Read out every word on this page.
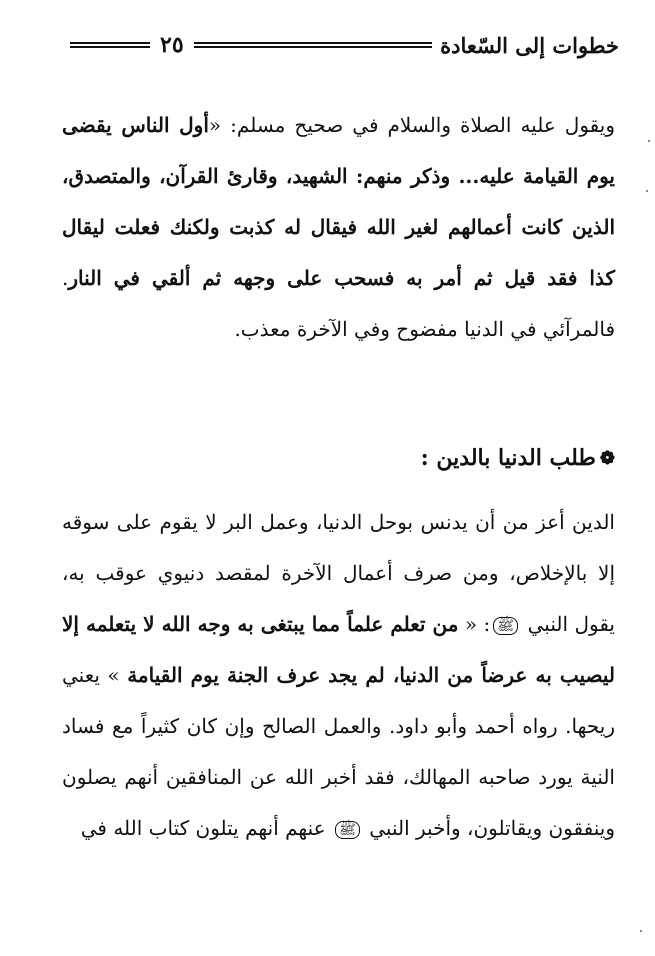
خطوات إلى السّعادة
٢٥
ويقول عليه الصلاة والسلام في صحيح مسلم: «أول الناس يقضى يوم القيامة عليه... وذكر منهم: الشهيد، وقارئ القرآن، والمتصدق، الذين كانت أعمالهم لغير الله فيقال له كذبت ولكنك فعلت ليقال كذا فقد قيل ثم أمر به فسحب على وجهه ثم ألقي في النار. فالمرآئي في الدنيا مفضوح وفي الآخرة معذب.
❁طلب الدنيا بالدين :
الدين أعز من أن يدنس بوحل الدنيا، وعمل البر لا يقوم على سوقه إلا بالإخلاص، ومن صرف أعمال الآخرة لمقصد دنيوي عوقب به، يقول النبي ﷺ: « من تعلم علماً مما يبتغى به وجه الله لا يتعلمه إلا ليصيب به عرضاً من الدنيا، لم يجد عرف الجنة يوم القيامة » يعني ريحها. رواه أحمد وأبو داود. والعمل الصالح وإن كان كثيراً مع فساد النية يورد صاحبه المهالك، فقد أخبر الله عن المنافقين أنهم يصلون وينفقون ويقاتلون، وأخبر النبي ﷺ عنهم أنهم يتلون كتاب الله في
